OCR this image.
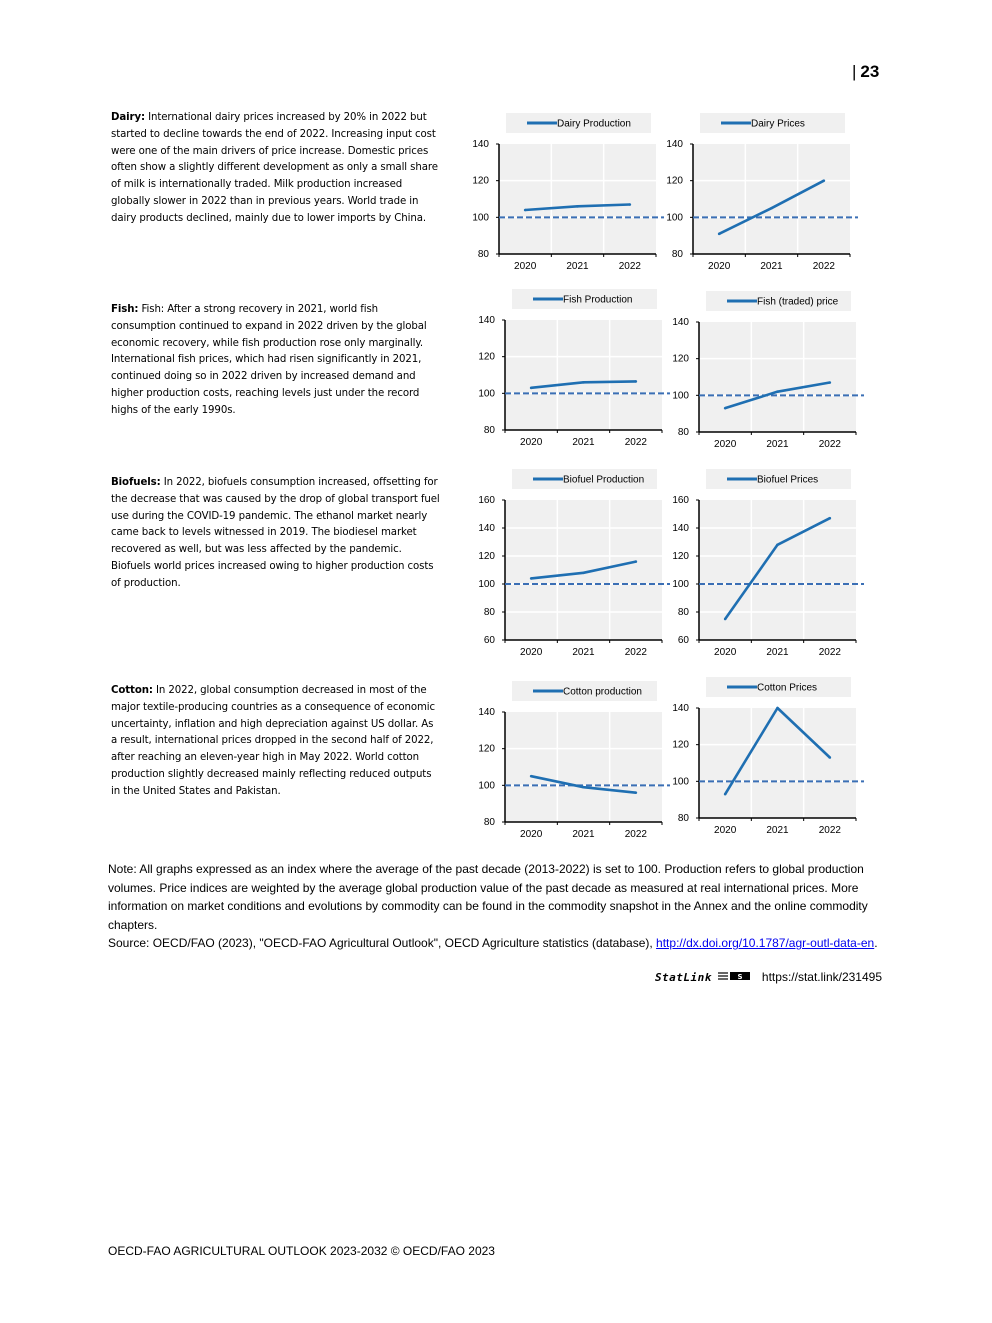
| 23
Dairy: International dairy prices increased by 20% in 2022 but started to decline towards the end of 2022. Increasing input cost were one of the main drivers of price increase. Domestic prices often show a slightly different development as only a small share of milk is internationally traded. Milk production increased globally slower in 2022 than in previous years. World trade in dairy products declined, mainly due to lower imports by China.
Fish: Fish: After a strong recovery in 2021, world fish consumption continued to expand in 2022 driven by the global economic recovery, while fish production rose only marginally. International fish prices, which had risen significantly in 2021, continued doing so in 2022 driven by increased demand and higher production costs, reaching levels just under the record highs of the early 1990s.
Biofuels: In 2022, biofuels consumption increased, offsetting for the decrease that was caused by the drop of global transport fuel use during the COVID-19 pandemic. The ethanol market nearly came back to levels witnessed in 2019. The biodiesel market recovered as well, but was less affected by the pandemic. Biofuels world prices increased owing to higher production costs of production.
Cotton: In 2022, global consumption decreased in most of the major textile-producing countries as a consequence of economic uncertainty, inflation and high depreciation against US dollar. As a result, international prices dropped in the second half of 2022, after reaching an eleven-year high in May 2022. World cotton production slightly decreased mainly reflecting reduced outputs in the United States and Pakistan.
Dairy Production
80
100
120
140
2020	2021	2022
Dairy Prices
80
100
120
140
2020	2021	2022
Fish Production
80
100
120
140
2020	2021	2022
Fish (traded) price
80
100
120
140
2020	2021	2022
Biofuel Production
60
80
100
120
140
160
2020	2021	2022
Biofuel Prices
60
80
100
120
140
160
2020	2021	2022
Cotton production
80
100
120
140
2020	2021	2022
Cotton Prices
80
100
120
140
2020	2021	2022
Note: All graphs expressed as an index where the average of the past decade (2013-2022) is set to 100. Production refers to global production volumes. Price indices are weighted by the average global production value of the past decade as measured at real international prices. More information on market conditions and evolutions by commodity can be found in the commodity snapshot in the Annex and the online commodity chapters.
Source: OECD/FAO (2023), "OECD-FAO Agricultural Outlook", OECD Agriculture statistics (database), http://dx.doi.org/10.1787/agr-outl-data-en.
StatLink	S https://stat.link/231495
OECD-FAO AGRICULTURAL OUTLOOK 2023-2032 © OECD/FAO 2023
